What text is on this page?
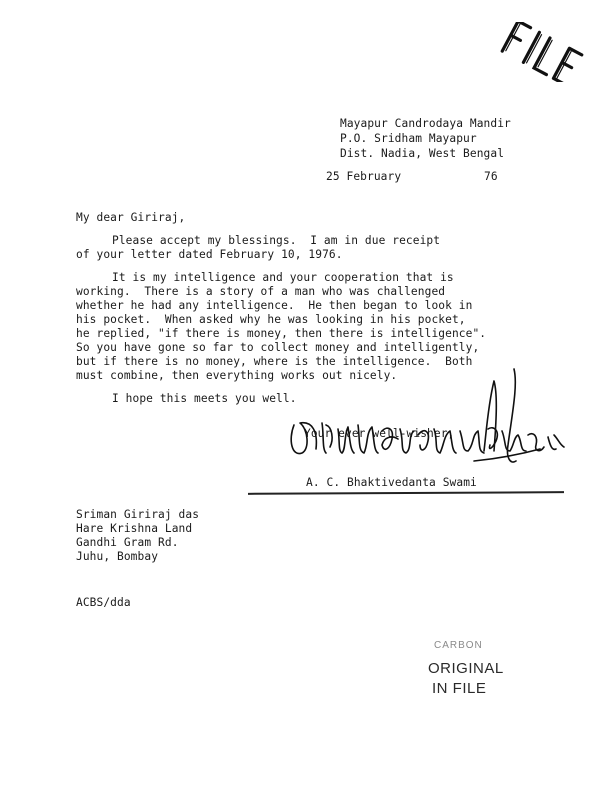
Mayapur Candrodaya Mandir
P.O. Sridham Mayapur
Dist. Nadia, West Bengal
25 February	76
My dear Giriraj,
Please accept my blessings.  I am in due receipt
of your letter dated February 10, 1976.
It is my intelligence and your cooperation that is
working.  There is a story of a man who was challenged
whether he had any intelligence.  He then began to look in
his pocket.  When asked why he was looking in his pocket,
he replied, "if there is money, then there is intelligence".
So you have gone so far to collect money and intelligently,
but if there is no money, where is the intelligence.  Both
must combine, then everything works out nicely.
I hope this meets you well.
Your ever well-wisher,
A. C. Bhaktivedanta Swami
Sriman Giriraj das
Hare Krishna Land
Gandhi Gram Rd.
Juhu, Bombay
ACBS/dda
CARBON
ORIGINAL
IN FILE
